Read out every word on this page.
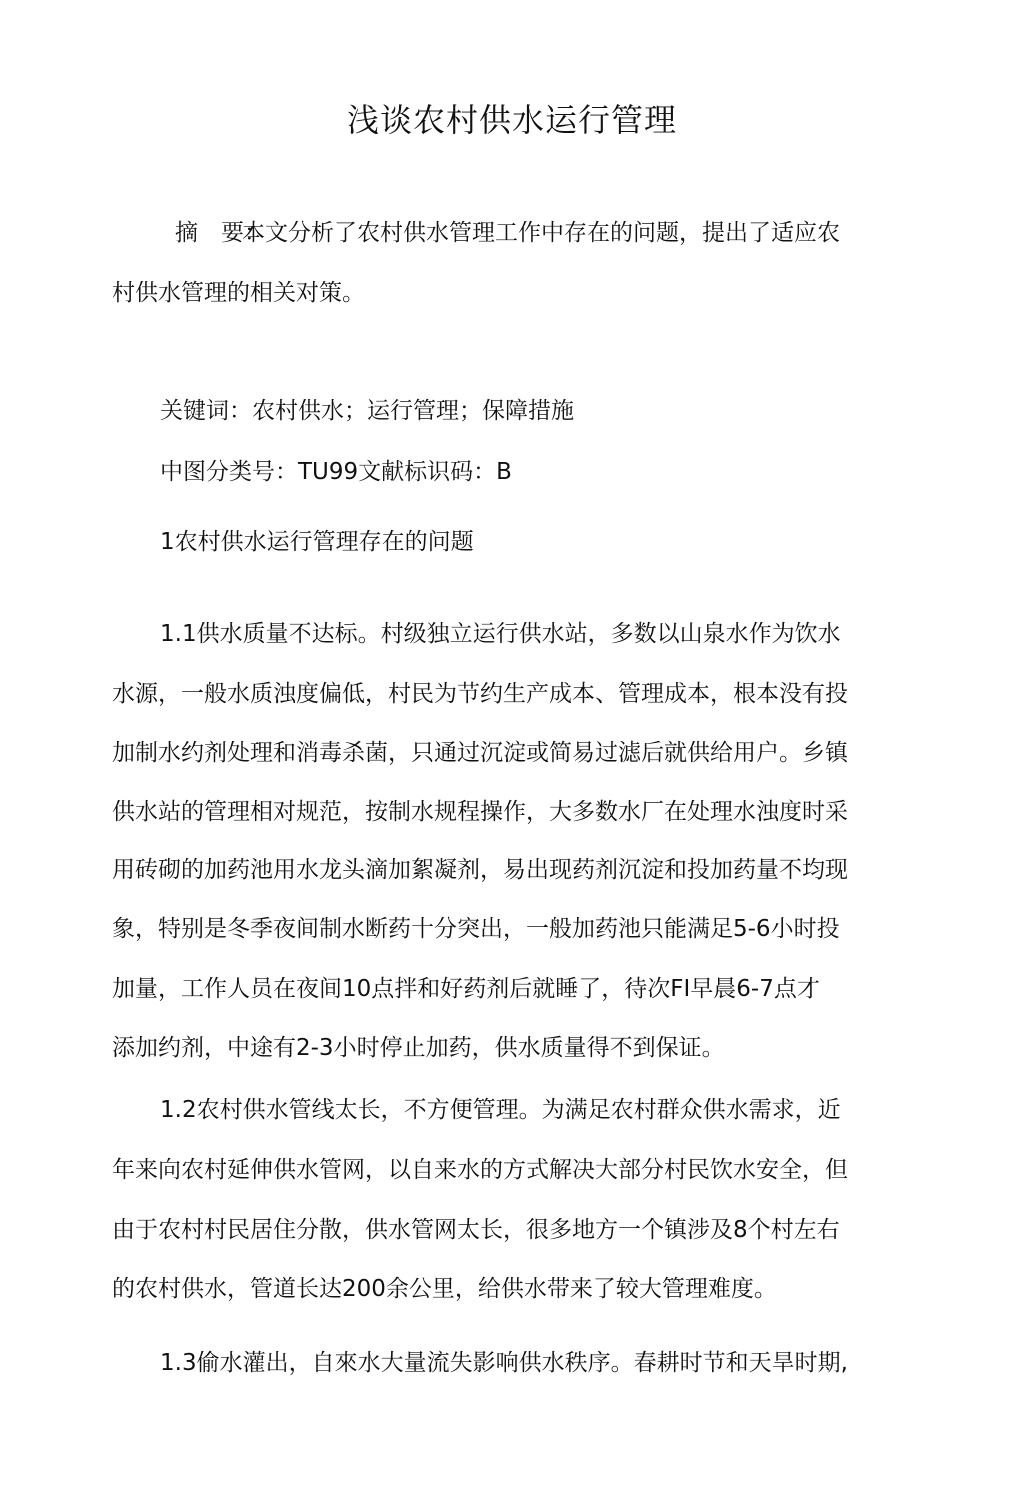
浅谈农村供水运行管理
摘　要：
本文分析了农村供水管理工作中存在的问题，提出了适应农
村供水管理的相关对策。
关键词：农村供水；运行管理；保障措施
中图分类号：TU99文献标识码：B
1农村供水运行管理存在的问题
1.1供水质量不达标。村级独立运行供水站，多数以山泉水作为饮水
水源，一般水质浊度偏低，村民为节约生产成本、管理成本，根本没有投
加制水约剂处理和消毒杀菌，只通过沉淀或简易过滤后就供给用户。乡镇
供水站的管理相对规范，按制水规程操作，大多数水厂在处理水浊度时采
用砖砌的加药池用水龙头滴加絮凝剂，易出现药剂沉淀和投加药量不均现
象，特别是冬季夜间制水断药十分突出，一般加药池只能满足5-6小时投
加量，工作人员在夜间10点拌和好药剂后就睡了，待次FI早晨6-7点才
添加约剂，中途有2-3小时停止加药，供水质量得不到保证。
1.2农村供水管线太长，不方便管理。为满足农村群众供水需求，近
年来向农村延伸供水管网，以自来水的方式解决大部分村民饮水安全，但
由于农村村民居住分散，供水管网太长，很多地方一个镇涉及8个村左右
的农村供水，管道长达200余公里，给供水带来了较大管理难度。
1.3偷水灌出，自來水大量流失影响供水秩序。春耕时节和天旱时期,
